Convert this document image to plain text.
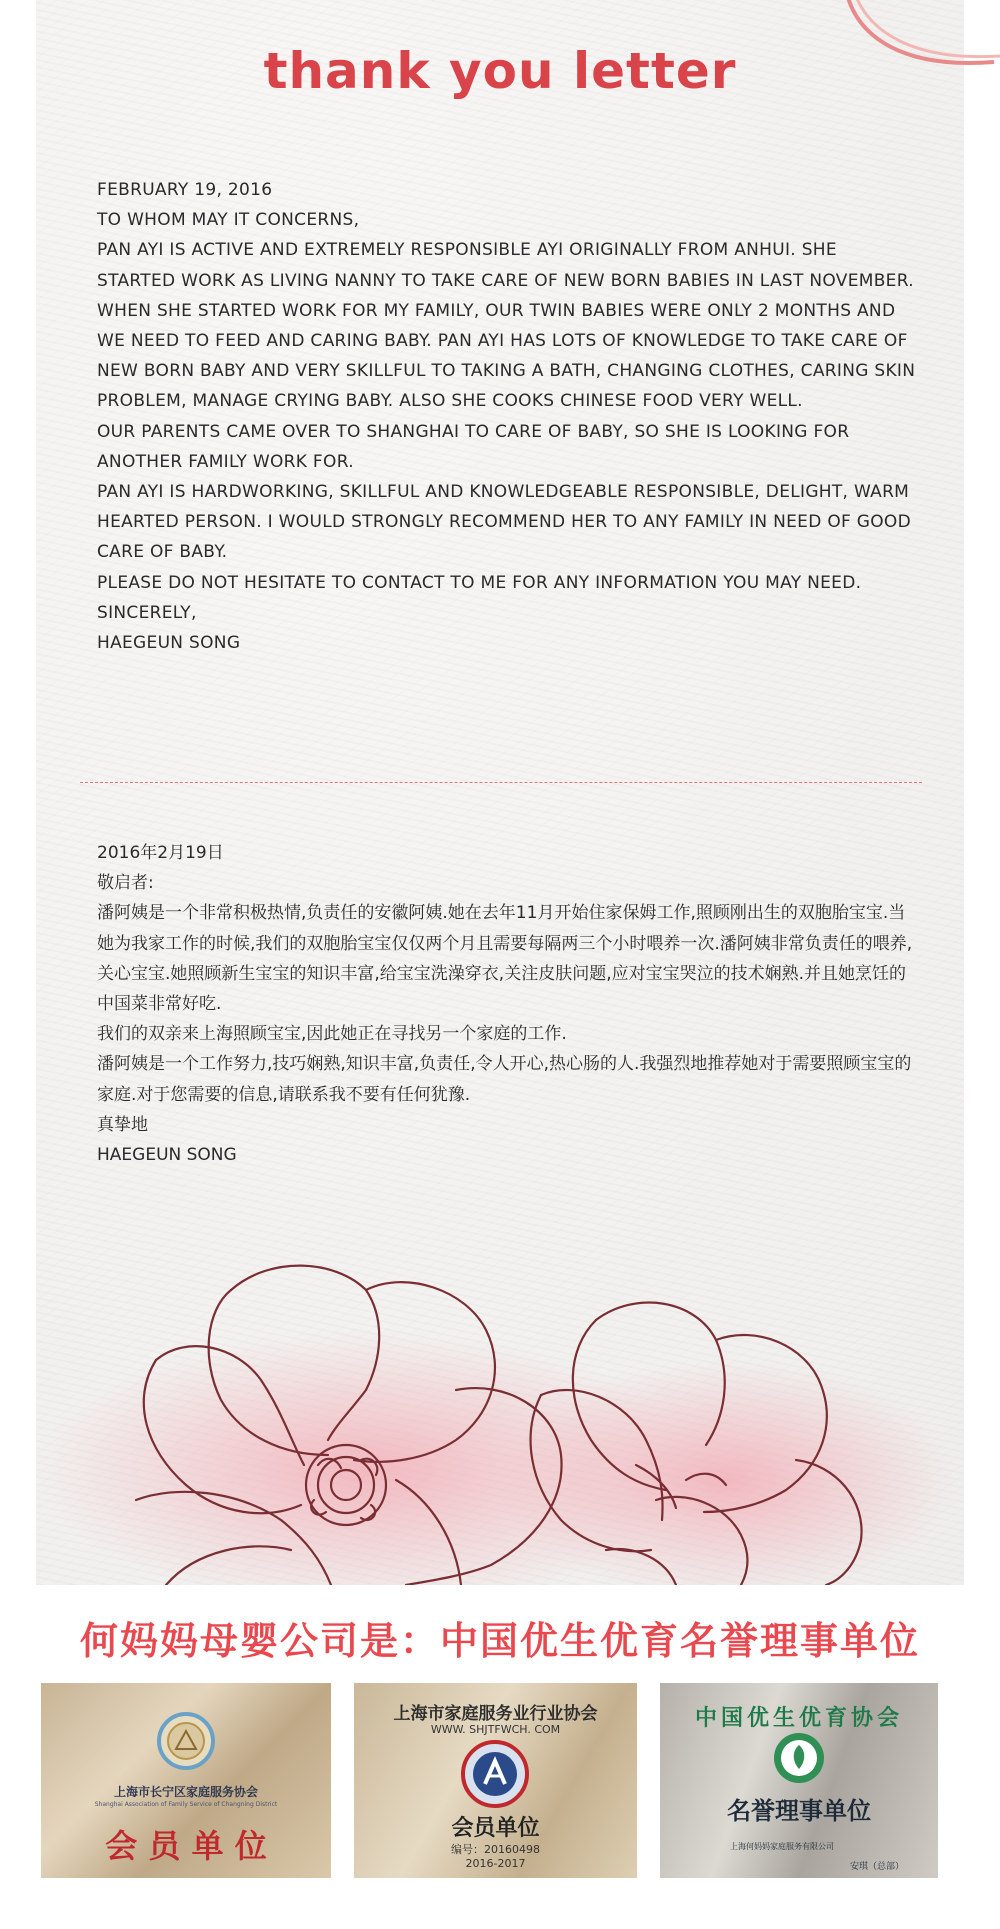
thank you letter

FEBRUARY 19, 2016

TO WHOM MAY IT CONCERNS,

PAN AYI IS ACTIVE AND EXTREMELY RESPONSIBLE AYI ORIGINALLY FROM ANHUI. SHE STARTED WORK AS LIVING NANNY TO TAKE CARE OF NEW BORN BABIES IN LAST NOVEMBER. WHEN SHE STARTED WORK FOR MY FAMILY, OUR TWIN BABIES WERE ONLY 2 MONTHS AND WE NEED TO FEED AND CARING BABY. PAN AYI HAS LOTS OF KNOWLEDGE TO TAKE CARE OF NEW BORN BABY AND VERY SKILLFUL TO TAKING A BATH, CHANGING CLOTHES, CARING SKIN PROBLEM, MANAGE CRYING BABY. ALSO SHE COOKS CHINESE FOOD VERY WELL.

OUR PARENTS CAME OVER TO SHANGHAI TO CARE OF BABY, SO SHE IS LOOKING FOR ANOTHER FAMILY WORK FOR.

PAN AYI IS HARDWORKING, SKILLFUL AND KNOWLEDGEABLE RESPONSIBLE, DELIGHT, WARM HEARTED PERSON. I WOULD STRONGLY RECOMMEND HER TO ANY FAMILY IN NEED OF GOOD CARE OF BABY.

PLEASE DO NOT HESITATE TO CONTACT TO ME FOR ANY INFORMATION YOU MAY NEED.

SINCERELY,

HAEGEUN SONG

2016年2月19日

敬启者:

潘阿姨是一个非常积极热情,负责任的安徽阿姨.她在去年11月开始住家保姆工作,照顾刚出生的双胞胎宝宝.当她为我家工作的时候,我们的双胞胎宝宝仅仅两个月且需要每隔两三个小时喂养一次.潘阿姨非常负责任的喂养,关心宝宝.她照顾新生宝宝的知识丰富,给宝宝洗澡穿衣,关注皮肤问题,应对宝宝哭泣的技术娴熟.并且她烹饪的中国菜非常好吃.

我们的双亲来上海照顾宝宝,因此她正在寻找另一个家庭的工作.

潘阿姨是一个工作努力,技巧娴熟,知识丰富,负责任,令人开心,热心肠的人.我强烈地推荐她对于需要照顾宝宝的家庭.对于您需要的信息,请联系我不要有任何犹豫.

真挚地

HAEGEUN SONG

何妈妈母婴公司是：中国优生优育名誉理事单位
上海市长宁区家庭服务协会
Shanghai Association of Family Service of Changning District
会 员 单 位
上海市家庭服务业行业协会
WWW. SHJTFWCH. COM
会员单位
编号：20160498
2016-2017
中国优生优育协会
名誉理事单位
上海何妈妈家庭服务有限公司
安琪（总部）
